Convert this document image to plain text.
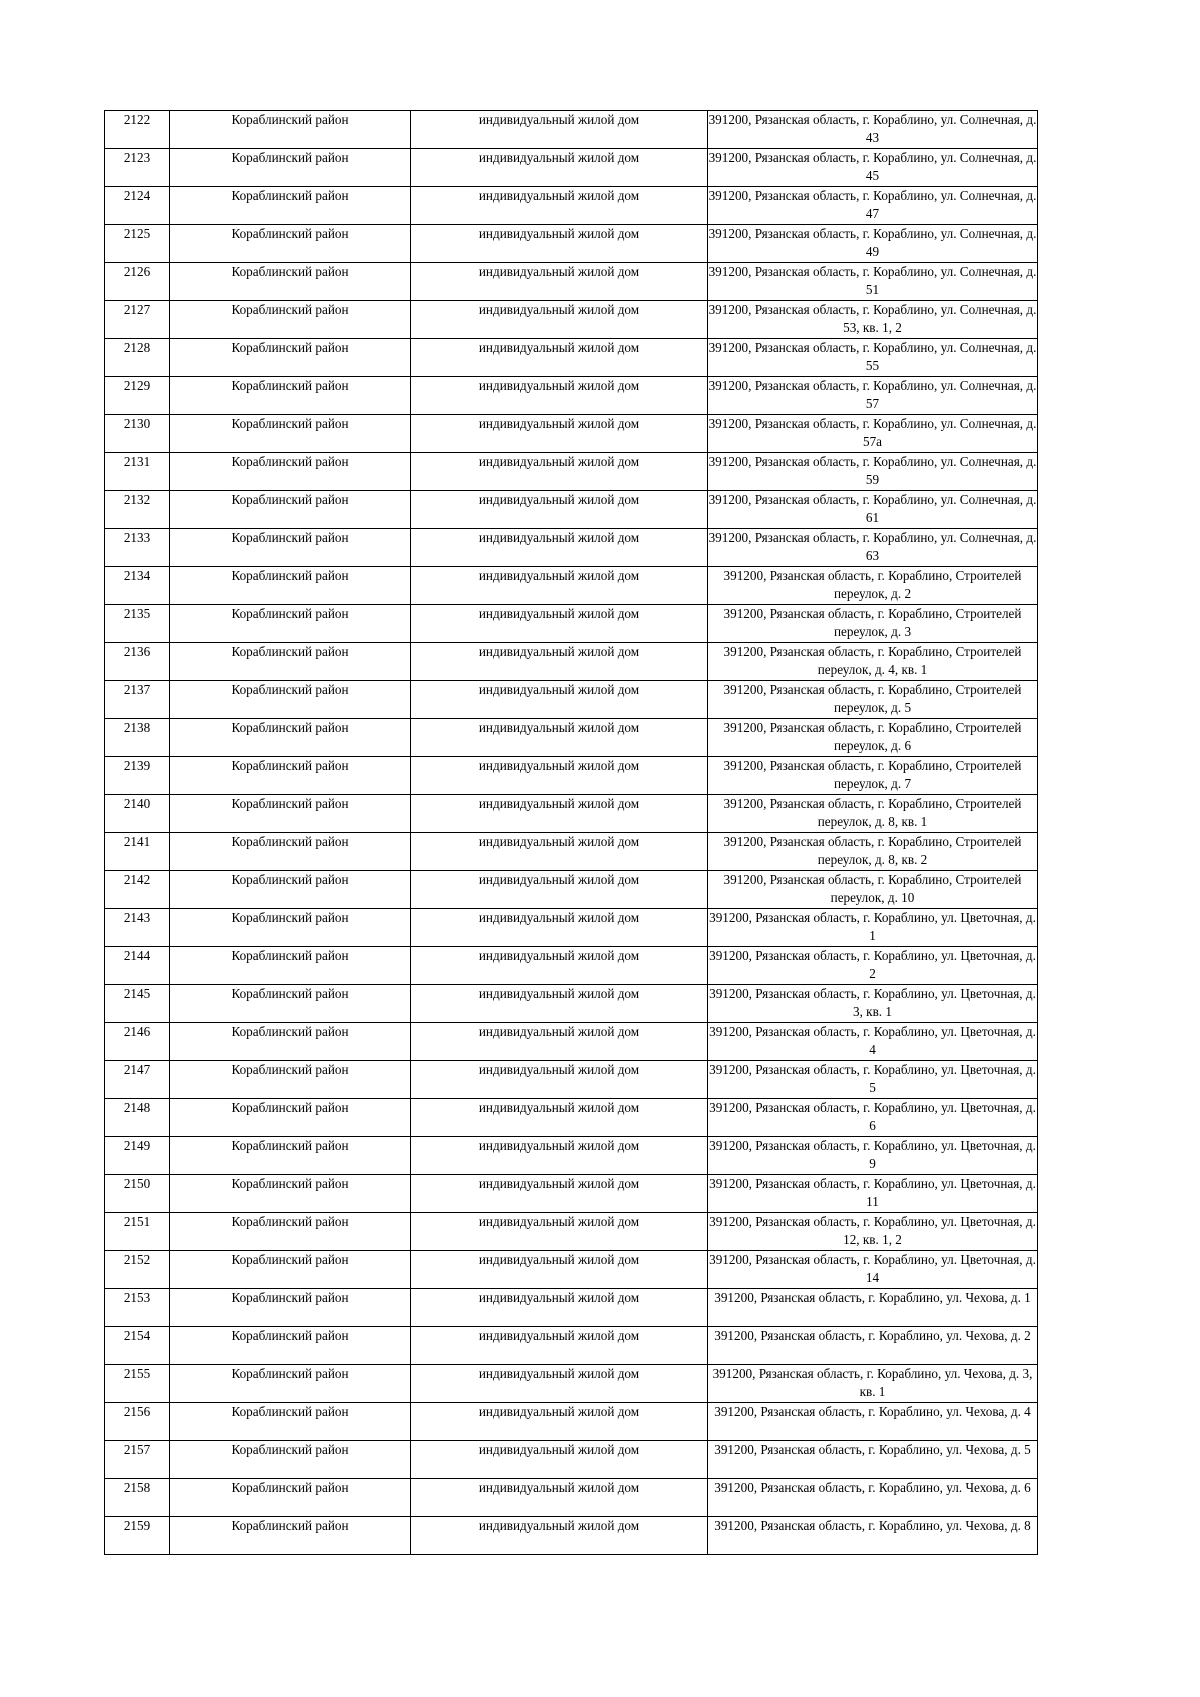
2122	Кораблинский район	индивидуальный жилой дом	391200, Рязанская область, г. Кораблино, ул. Солнечная, д. 43
2123	Кораблинский район	индивидуальный жилой дом	391200, Рязанская область, г. Кораблино, ул. Солнечная, д. 45
2124	Кораблинский район	индивидуальный жилой дом	391200, Рязанская область, г. Кораблино, ул. Солнечная, д. 47
2125	Кораблинский район	индивидуальный жилой дом	391200, Рязанская область, г. Кораблино, ул. Солнечная, д. 49
2126	Кораблинский район	индивидуальный жилой дом	391200, Рязанская область, г. Кораблино, ул. Солнечная, д. 51
2127	Кораблинский район	индивидуальный жилой дом	391200, Рязанская область, г. Кораблино, ул. Солнечная, д. 53, кв. 1, 2
2128	Кораблинский район	индивидуальный жилой дом	391200, Рязанская область, г. Кораблино, ул. Солнечная, д. 55
2129	Кораблинский район	индивидуальный жилой дом	391200, Рязанская область, г. Кораблино, ул. Солнечная, д. 57
2130	Кораблинский район	индивидуальный жилой дом	391200, Рязанская область, г. Кораблино, ул. Солнечная, д. 57а
2131	Кораблинский район	индивидуальный жилой дом	391200, Рязанская область, г. Кораблино, ул. Солнечная, д. 59
2132	Кораблинский район	индивидуальный жилой дом	391200, Рязанская область, г. Кораблино, ул. Солнечная, д. 61
2133	Кораблинский район	индивидуальный жилой дом	391200, Рязанская область, г. Кораблино, ул. Солнечная, д. 63
2134	Кораблинский район	индивидуальный жилой дом	391200, Рязанская область, г. Кораблино, Строителей переулок, д. 2
2135	Кораблинский район	индивидуальный жилой дом	391200, Рязанская область, г. Кораблино, Строителей переулок, д. 3
2136	Кораблинский район	индивидуальный жилой дом	391200, Рязанская область, г. Кораблино, Строителей переулок, д. 4, кв. 1
2137	Кораблинский район	индивидуальный жилой дом	391200, Рязанская область, г. Кораблино, Строителей переулок, д. 5
2138	Кораблинский район	индивидуальный жилой дом	391200, Рязанская область, г. Кораблино, Строителей переулок, д. 6
2139	Кораблинский район	индивидуальный жилой дом	391200, Рязанская область, г. Кораблино, Строителей переулок, д. 7
2140	Кораблинский район	индивидуальный жилой дом	391200, Рязанская область, г. Кораблино, Строителей переулок, д. 8, кв. 1
2141	Кораблинский район	индивидуальный жилой дом	391200, Рязанская область, г. Кораблино, Строителей переулок, д. 8, кв. 2
2142	Кораблинский район	индивидуальный жилой дом	391200, Рязанская область, г. Кораблино, Строителей переулок, д. 10
2143	Кораблинский район	индивидуальный жилой дом	391200, Рязанская область, г. Кораблино, ул. Цветочная, д. 1
2144	Кораблинский район	индивидуальный жилой дом	391200, Рязанская область, г. Кораблино, ул. Цветочная, д. 2
2145	Кораблинский район	индивидуальный жилой дом	391200, Рязанская область, г. Кораблино, ул. Цветочная, д. 3, кв. 1
2146	Кораблинский район	индивидуальный жилой дом	391200, Рязанская область, г. Кораблино, ул. Цветочная, д. 4
2147	Кораблинский район	индивидуальный жилой дом	391200, Рязанская область, г. Кораблино, ул. Цветочная, д. 5
2148	Кораблинский район	индивидуальный жилой дом	391200, Рязанская область, г. Кораблино, ул. Цветочная, д. 6
2149	Кораблинский район	индивидуальный жилой дом	391200, Рязанская область, г. Кораблино, ул. Цветочная, д. 9
2150	Кораблинский район	индивидуальный жилой дом	391200, Рязанская область, г. Кораблино, ул. Цветочная, д. 11
2151	Кораблинский район	индивидуальный жилой дом	391200, Рязанская область, г. Кораблино, ул. Цветочная, д. 12, кв. 1, 2
2152	Кораблинский район	индивидуальный жилой дом	391200, Рязанская область, г. Кораблино, ул. Цветочная, д. 14
2153	Кораблинский район	индивидуальный жилой дом	391200, Рязанская область, г. Кораблино, ул. Чехова, д. 1
2154	Кораблинский район	индивидуальный жилой дом	391200, Рязанская область, г. Кораблино, ул. Чехова, д. 2
2155	Кораблинский район	индивидуальный жилой дом	391200, Рязанская область, г. Кораблино, ул. Чехова, д. 3, кв. 1
2156	Кораблинский район	индивидуальный жилой дом	391200, Рязанская область, г. Кораблино, ул. Чехова, д. 4
2157	Кораблинский район	индивидуальный жилой дом	391200, Рязанская область, г. Кораблино, ул. Чехова, д. 5
2158	Кораблинский район	индивидуальный жилой дом	391200, Рязанская область, г. Кораблино, ул. Чехова, д. 6
2159	Кораблинский район	индивидуальный жилой дом	391200, Рязанская область, г. Кораблино, ул. Чехова, д. 8
